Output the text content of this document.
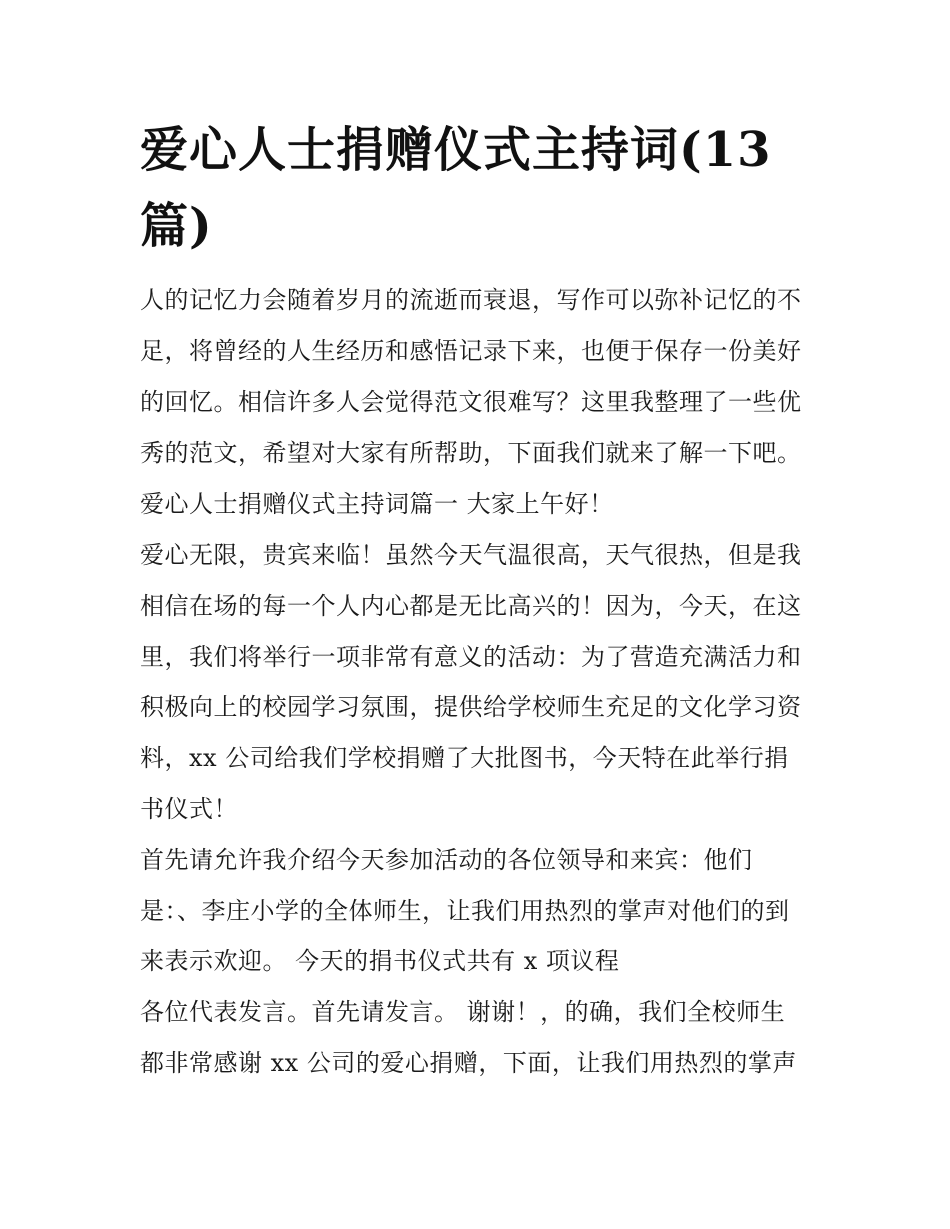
爱心人士捐赠仪式主持词(13篇)

人的记忆力会随着岁月的流逝而衰退，写作可以弥补记忆的不

足，将曾经的人生经历和感悟记录下来，也便于保存一份美好

的回忆。相信许多人会觉得范文很难写？这里我整理了一些优

秀的范文，希望对大家有所帮助，下面我们就来了解一下吧。

爱心人士捐赠仪式主持词篇一 大家上午好！

爱心无限，贵宾来临！虽然今天气温很高，天气很热，但是我

相信在场的每一个人内心都是无比高兴的！因为，今天，在这

里，我们将举行一项非常有意义的活动：为了营造充满活力和

积极向上的校园学习氛围，提供给学校师生充足的文化学习资

料，xx 公司给我们学校捐赠了大批图书，今天特在此举行捐

书仪式！

首先请允许我介绍今天参加活动的各位领导和来宾：他们

是：、李庄小学的全体师生，让我们用热烈的掌声对他们的到

来表示欢迎。 今天的捐书仪式共有 x 项议程

各位代表发言。首先请发言。 谢谢！，的确，我们全校师生

都非常感谢 xx 公司的爱心捐赠，下面，让我们用热烈的掌声
